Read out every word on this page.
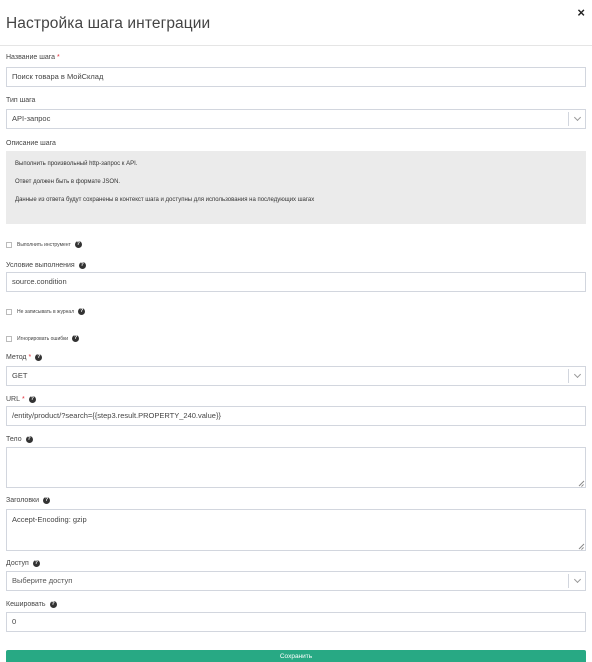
Настройка шага интеграции
×
Название шага *
Поиск товара в МойСклад
Тип шага
API-запрос
Описание шага

Выполнить произвольный http-запрос к API.

Ответ должен быть в формате JSON.

Данные из ответа будут сохранены в контекст шага и доступны для использования на последующих шагах

Выполнить инструмент	?
Условие выполнения	?
source.condition
Не записывать в журнал	?
Игнорировать ошибки	?
Метод *	?
GET
URL *	?
/entity/product/?search={{step3.result.PROPERTY_240.value}}
Тело	?
Заголовки	?
Accept-Encoding: gzip
Доступ	?
Выберите доступ
Кешировать	?
0
Сохранить
